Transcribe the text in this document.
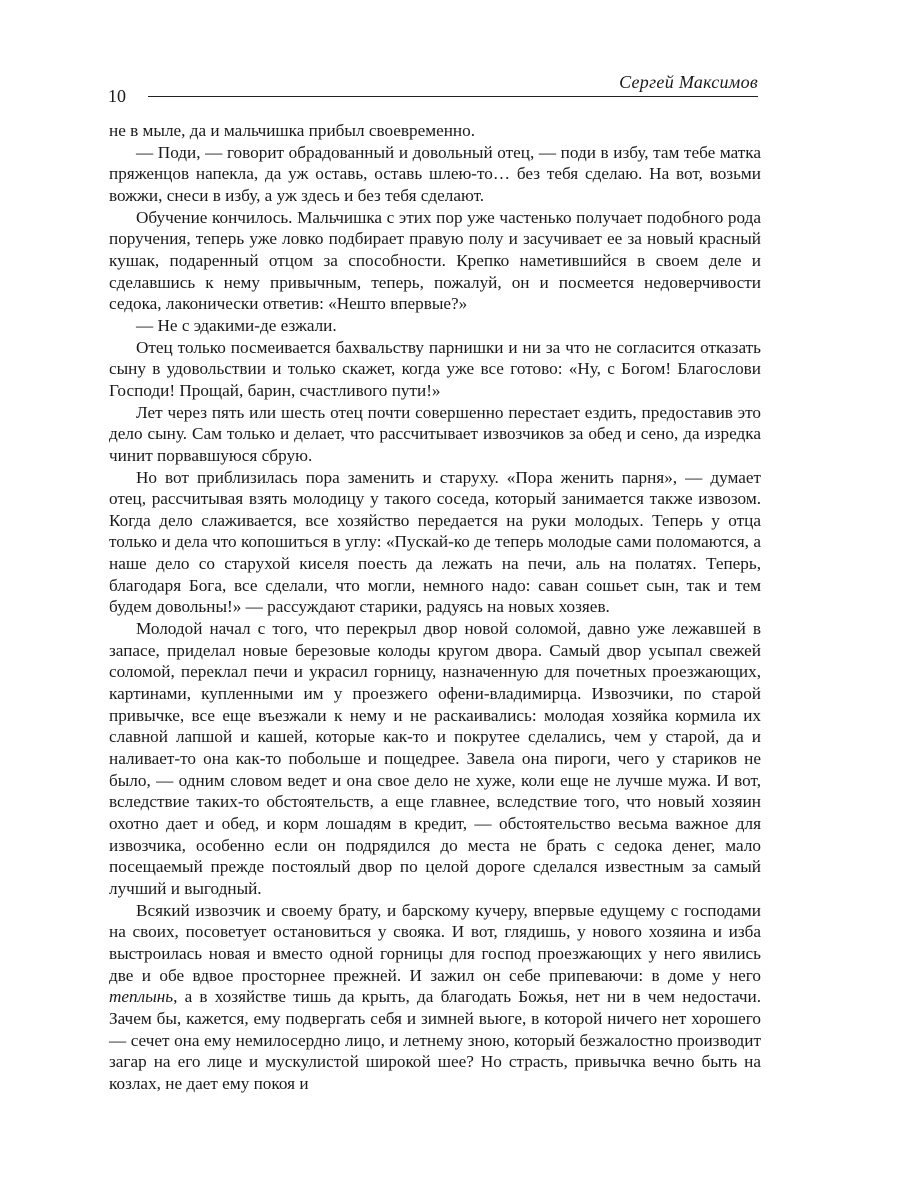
10
Сергей Максимов

не в мыле, да и мальчишка прибыл своевременно.

— Поди, — говорит обрадованный и довольный отец, — поди в избу, там тебе матка пряженцов напекла, да уж оставь, оставь шлею-то… без тебя сделаю. На вот, возьми вожжи, снеси в избу, а уж здесь и без тебя сделают.

Обучение кончилось. Мальчишка с этих пор уже частенько получает подобного рода поручения, теперь уже ловко подбирает правую полу и засучивает ее за новый красный кушак, подаренный отцом за способности. Крепко наметившийся в своем деле и сделавшись к нему привычным, теперь, пожалуй, он и посмеется недоверчивости седока, лаконически ответив: «Нешто впервые?»

— Не с эдакими-де езжали.

Отец только посмеивается бахвальству парнишки и ни за что не согласится отказать сыну в удовольствии и только скажет, когда уже все готово: «Ну, с Богом! Благослови Господи! Прощай, барин, счастливого пути!»

Лет через пять или шесть отец почти совершенно перестает ездить, предоставив это дело сыну. Сам только и делает, что рассчитывает извозчиков за обед и сено, да изредка чинит порвавшуюся сбрую.

Но вот приблизилась пора заменить и старуху. «Пора женить парня», — думает отец, рассчитывая взять молодицу у такого соседа, который занимается также извозом. Когда дело слаживается, все хозяйство передается на руки молодых. Теперь у отца только и дела что копошиться в углу: «Пускай-ко де теперь молодые сами поломаются, а наше дело со старухой киселя поесть да лежать на печи, аль на полатях. Теперь, благодаря Бога, все сделали, что могли, немного надо: саван сошьет сын, так и тем будем довольны!» — рассуждают старики, радуясь на новых хозяев.

Молодой начал с того, что перекрыл двор новой соломой, давно уже лежавшей в запасе, приделал новые березовые колоды кругом двора. Самый двор усыпал свежей соломой, переклал печи и украсил горницу, назначенную для почетных проезжающих, картинами, купленными им у проезжего офени-владимирца. Извозчики, по старой привычке, все еще въезжали к нему и не раскаивались: молодая хозяйка кормила их славной лапшой и кашей, которые как-то и покрутее сделались, чем у старой, да и наливает-то она как-то побольше и пощедрее. Завела она пироги, чего у стариков не было, — одним словом ведет и она свое дело не хуже, коли еще не лучше мужа. И вот, вследствие таких-то обстоятельств, а еще главнее, вследствие того, что новый хозяин охотно дает и обед, и корм лошадям в кредит, — обстоятельство весьма важное для извозчика, особенно если он подрядился до места не брать с седока денег, мало посещаемый прежде постоялый двор по целой дороге сделался известным за самый лучший и выгодный.

Всякий извозчик и своему брату, и барскому кучеру, впервые едущему с господами на своих, посоветует остановиться у свояка. И вот, глядишь, у нового хозяина и изба выстроилась новая и вместо одной горницы для господ проезжающих у него явились две и обе вдвое просторнее прежней. И зажил он себе припеваючи: в доме у него теплынь, а в хозяйстве тишь да крыть, да благодать Божья, нет ни в чем недостачи. Зачем бы, кажется, ему подвергать себя и зимней вьюге, в которой ничего нет хорошего — сечет она ему немилосердно лицо, и летнему зною, который безжалостно производит загар на его лице и мускулистой широкой шее? Но страсть, привычка вечно быть на козлах, не дает ему покоя и
